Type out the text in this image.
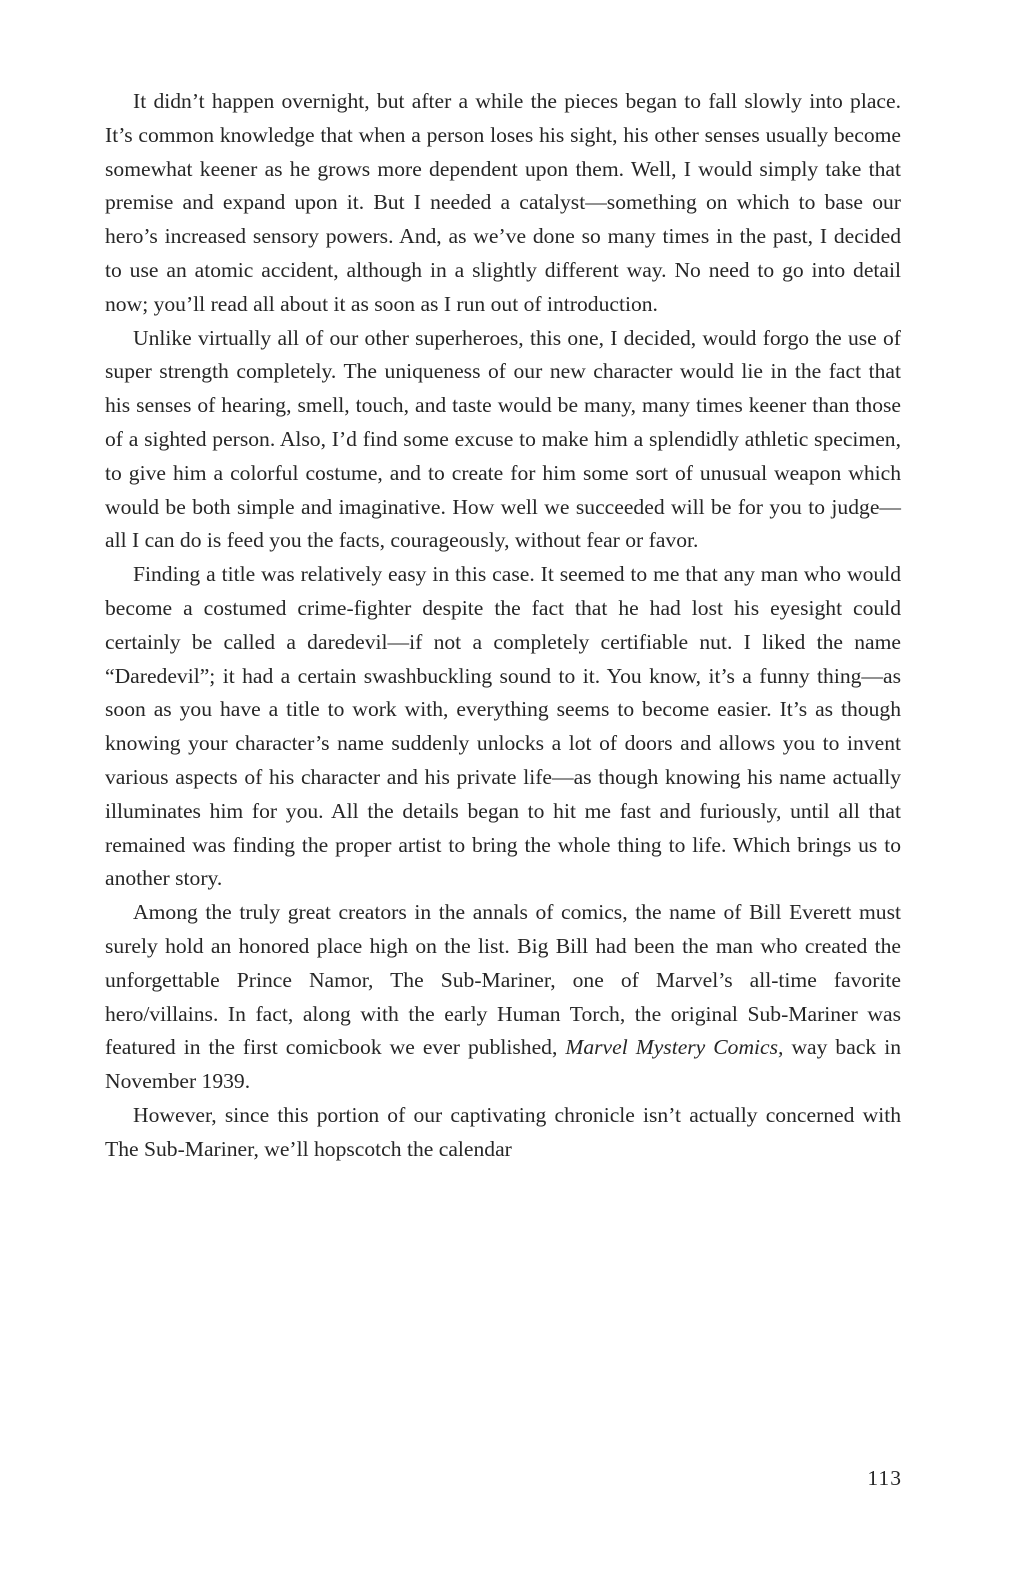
It didn’t happen overnight, but after a while the pieces began to fall slowly into place. It’s common knowledge that when a person loses his sight, his other senses usually become somewhat keener as he grows more dependent upon them. Well, I would simply take that premise and expand upon it. But I needed a catalyst—something on which to base our hero’s increased sensory powers. And, as we’ve done so many times in the past, I decided to use an atomic accident, although in a slightly different way. No need to go into detail now; you’ll read all about it as soon as I run out of introduction.

Unlike virtually all of our other superheroes, this one, I decided, would forgo the use of super strength completely. The uniqueness of our new character would lie in the fact that his senses of hearing, smell, touch, and taste would be many, many times keener than those of a sighted person. Also, I’d find some excuse to make him a splendidly athletic specimen, to give him a colorful costume, and to create for him some sort of unusual weapon which would be both simple and imaginative. How well we succeeded will be for you to judge—all I can do is feed you the facts, courageously, without fear or favor.

Finding a title was relatively easy in this case. It seemed to me that any man who would become a costumed crime-fighter despite the fact that he had lost his eyesight could certainly be called a daredevil—if not a completely certifiable nut. I liked the name “Daredevil”; it had a certain swashbuckling sound to it. You know, it’s a funny thing—as soon as you have a title to work with, everything seems to become easier. It’s as though knowing your character’s name suddenly unlocks a lot of doors and allows you to invent various aspects of his character and his private life—as though knowing his name actually illuminates him for you. All the details began to hit me fast and furiously, until all that remained was finding the proper artist to bring the whole thing to life. Which brings us to another story.

Among the truly great creators in the annals of comics, the name of Bill Everett must surely hold an honored place high on the list. Big Bill had been the man who created the unforgettable Prince Namor, The Sub-Mariner, one of Marvel’s all-time favorite hero/villains. In fact, along with the early Human Torch, the original Sub-Mariner was featured in the first comicbook we ever published, Marvel Mystery Comics, way back in November 1939.

However, since this portion of our captivating chronicle isn’t actually concerned with The Sub-Mariner, we’ll hopscotch the calendar

113
